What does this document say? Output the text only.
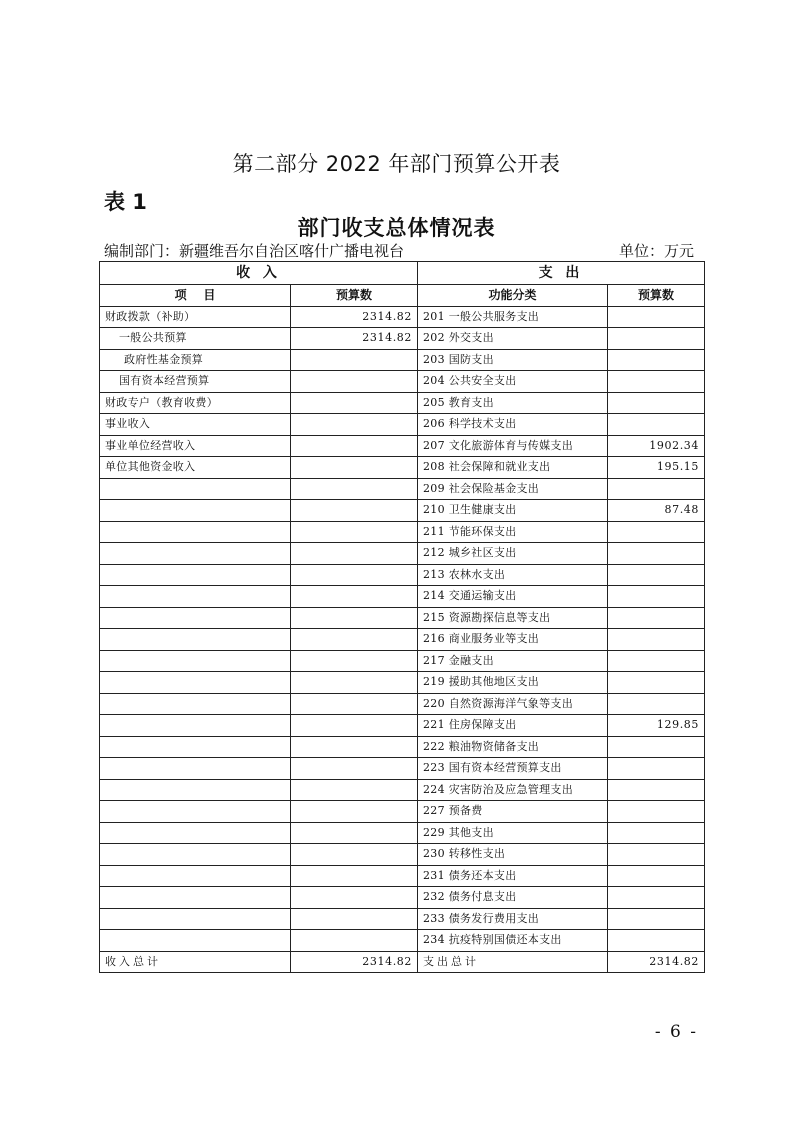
第二部分 2022 年部门预算公开表
表 1
部门收支总体情况表
编制部门：新疆维吾尔自治区喀什广播电视台	单位：万元
收 入		支 出	
项    目	预算数	功能分类	预算数
财政拨款（补助）	2314.82	201 一般公共服务支出	
一般公共预算	2314.82	202 外交支出	
政府性基金预算		203 国防支出	
国有资本经营预算		204 公共安全支出	
财政专户（教育收费）		205 教育支出	
事业收入		206 科学技术支出	
事业单位经营收入		207 文化旅游体育与传媒支出	1902.34
单位其他资金收入		208 社会保障和就业支出	195.15
		209 社会保险基金支出	
		210 卫生健康支出	87.48
		211 节能环保支出	
		212 城乡社区支出	
		213 农林水支出	
		214 交通运输支出	
		215 资源勘探信息等支出	
		216 商业服务业等支出	
		217 金融支出	
		219 援助其他地区支出	
		220 自然资源海洋气象等支出	
		221 住房保障支出	129.85
		222 粮油物资储备支出	
		223 国有资本经营预算支出	
		224 灾害防治及应急管理支出	
		227 预备费	
		229 其他支出	
		230 转移性支出	
		231 债务还本支出	
		232 债务付息支出	
		233 债务发行费用支出	
		234 抗疫特别国债还本支出	
收入总计	2314.82	支出总计	2314.82
- 6 -
